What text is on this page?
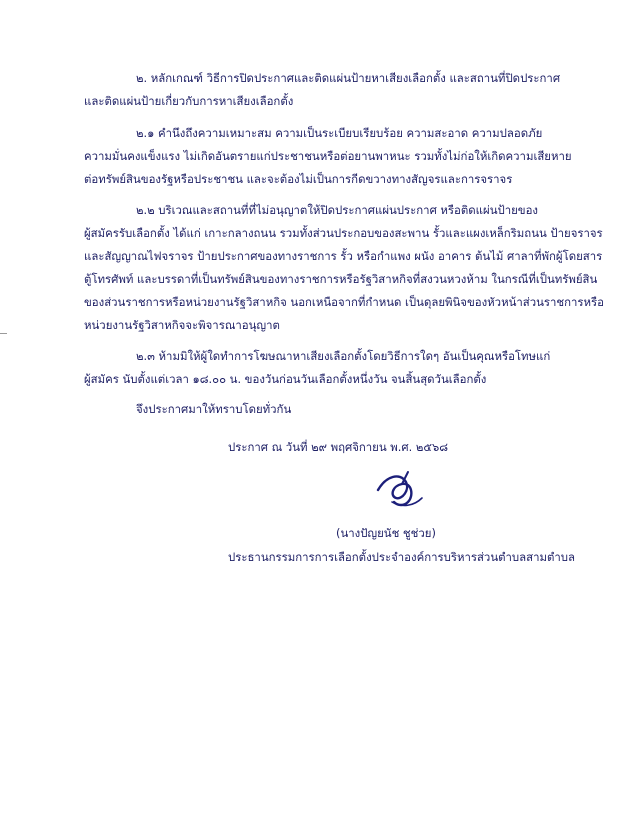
๒. หลักเกณฑ์ วิธีการปิดประกาศและติดแผ่นป้ายหาเสียงเลือกตั้ง และสถานที่ปิดประกาศ
และติดแผ่นป้ายเกี่ยวกับการหาเสียงเลือกตั้ง
๒.๑ คำนึงถึงความเหมาะสม ความเป็นระเบียบเรียบร้อย ความสะอาด ความปลอดภัย
ความมั่นคงแข็งแรง ไม่เกิดอันตรายแก่ประชาชนหรือต่อยานพาหนะ รวมทั้งไม่ก่อให้เกิดความเสียหาย
ต่อทรัพย์สินของรัฐหรือประชาชน และจะต้องไม่เป็นการกีดขวางทางสัญจรและการจราจร
๒.๒ บริเวณและสถานที่ที่ไม่อนุญาตให้ปิดประกาศแผ่นประกาศ หรือติดแผ่นป้ายของ
ผู้สมัครรับเลือกตั้ง ได้แก่ เกาะกลางถนน รวมทั้งส่วนประกอบของสะพาน รั้วและแผงเหล็กริมถนน ป้ายจราจร
และสัญญาณไฟจราจร ป้ายประกาศของทางราชการ รั้ว หรือกำแพง ผนัง อาคาร ต้นไม้ ศาลาที่พักผู้โดยสาร
ตู้โทรศัพท์ และบรรดาที่เป็นทรัพย์สินของทางราชการหรือรัฐวิสาหกิจที่สงวนหวงห้าม ในกรณีที่เป็นทรัพย์สิน
ของส่วนราชการหรือหน่วยงานรัฐวิสาหกิจ นอกเหนือจากที่กำหนด เป็นดุลยพินิจของหัวหน้าส่วนราชการหรือ
หน่วยงานรัฐวิสาหกิจจะพิจารณาอนุญาต
๒.๓ ห้ามมิให้ผู้ใดทำการโฆษณาหาเสียงเลือกตั้งโดยวิธีการใดๆ อันเป็นคุณหรือโทษแก่
ผู้สมัคร นับตั้งแต่เวลา ๑๘.๐๐ น. ของวันก่อนวันเลือกตั้งหนึ่งวัน จนสิ้นสุดวันเลือกตั้ง
จึงประกาศมาให้ทราบโดยทั่วกัน
ประกาศ ณ วันที่ ๒๙ พฤศจิกายน พ.ศ. ๒๕๖๘
(นางปัญยนัช ชูช่วย)
ประธานกรรมการการเลือกตั้งประจำองค์การบริหารส่วนตำบลสามตำบล
